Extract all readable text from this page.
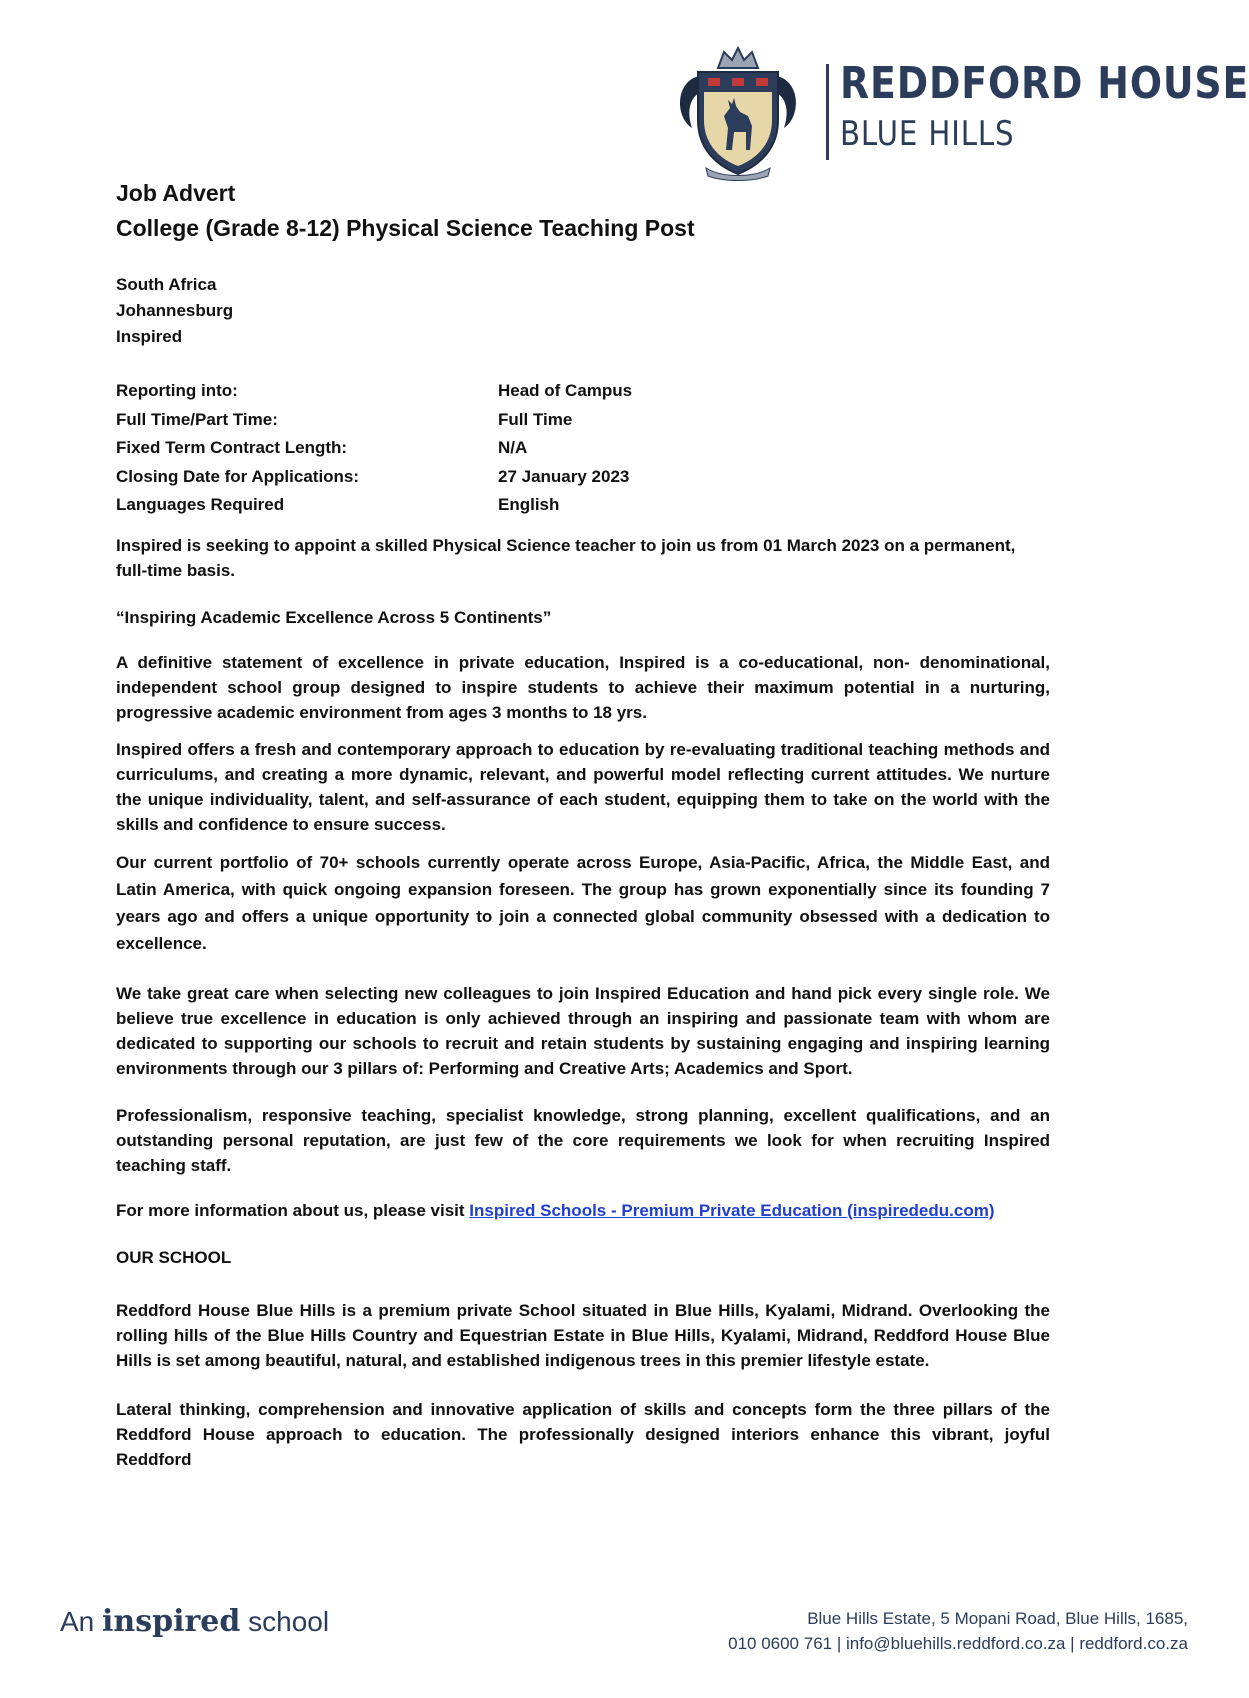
REDDFORD HOUSE
BLUE HILLS
Job Advert
College (Grade 8-12) Physical Science Teaching Post
South Africa
Johannesburg
Inspired
Reporting into:	Head of Campus
Full Time/Part Time:	Full Time
Fixed Term Contract Length:	N/A
Closing Date for Applications:	27 January 2023
Languages Required	English

Inspired is seeking to appoint a skilled Physical Science teacher to join us from 01 March 2023 on a permanent, full-time basis.

“Inspiring Academic Excellence Across 5 Continents”

A definitive statement of excellence in private education, Inspired is a co-educational, non- denominational, independent school group designed to inspire students to achieve their maximum potential in a nurturing, progressive academic environment from ages 3 months to 18 yrs.

Inspired offers a fresh and contemporary approach to education by re-evaluating traditional teaching methods and curriculums, and creating a more dynamic, relevant, and powerful model reflecting current attitudes. We nurture the unique individuality, talent, and self-assurance of each student, equipping them to take on the world with the skills and confidence to ensure success.

Our current portfolio of 70+ schools currently operate across Europe, Asia-Pacific, Africa, the Middle East, and Latin America, with quick ongoing expansion foreseen. The group has grown exponentially since its founding 7 years ago and offers a unique opportunity to join a connected global community obsessed with a dedication to excellence.

We take great care when selecting new colleagues to join Inspired Education and hand pick every single role. We believe true excellence in education is only achieved through an inspiring and passionate team with whom are dedicated to supporting our schools to recruit and retain students by sustaining engaging and inspiring learning environments through our 3 pillars of: Performing and Creative Arts; Academics and Sport.

Professionalism, responsive teaching, specialist knowledge, strong planning, excellent qualifications, and an outstanding personal reputation, are just few of the core requirements we look for when recruiting Inspired teaching staff.

For more information about us, please visit Inspired Schools - Premium Private Education (inspirededu.com)

OUR SCHOOL

Reddford House Blue Hills is a premium private School situated in Blue Hills, Kyalami, Midrand. Overlooking the rolling hills of the Blue Hills Country and Equestrian Estate in Blue Hills, Kyalami, Midrand, Reddford House Blue Hills is set among beautiful, natural, and established indigenous trees in this premier lifestyle estate.

Lateral thinking, comprehension and innovative application of skills and concepts form the three pillars of the Reddford House approach to education. The professionally designed interiors enhance this vibrant, joyful Reddford

An inspired school	Blue Hills Estate, 5 Mopani Road, Blue Hills, 1685,
010 0600 761 | info@bluehills.reddford.co.za | reddford.co.za
